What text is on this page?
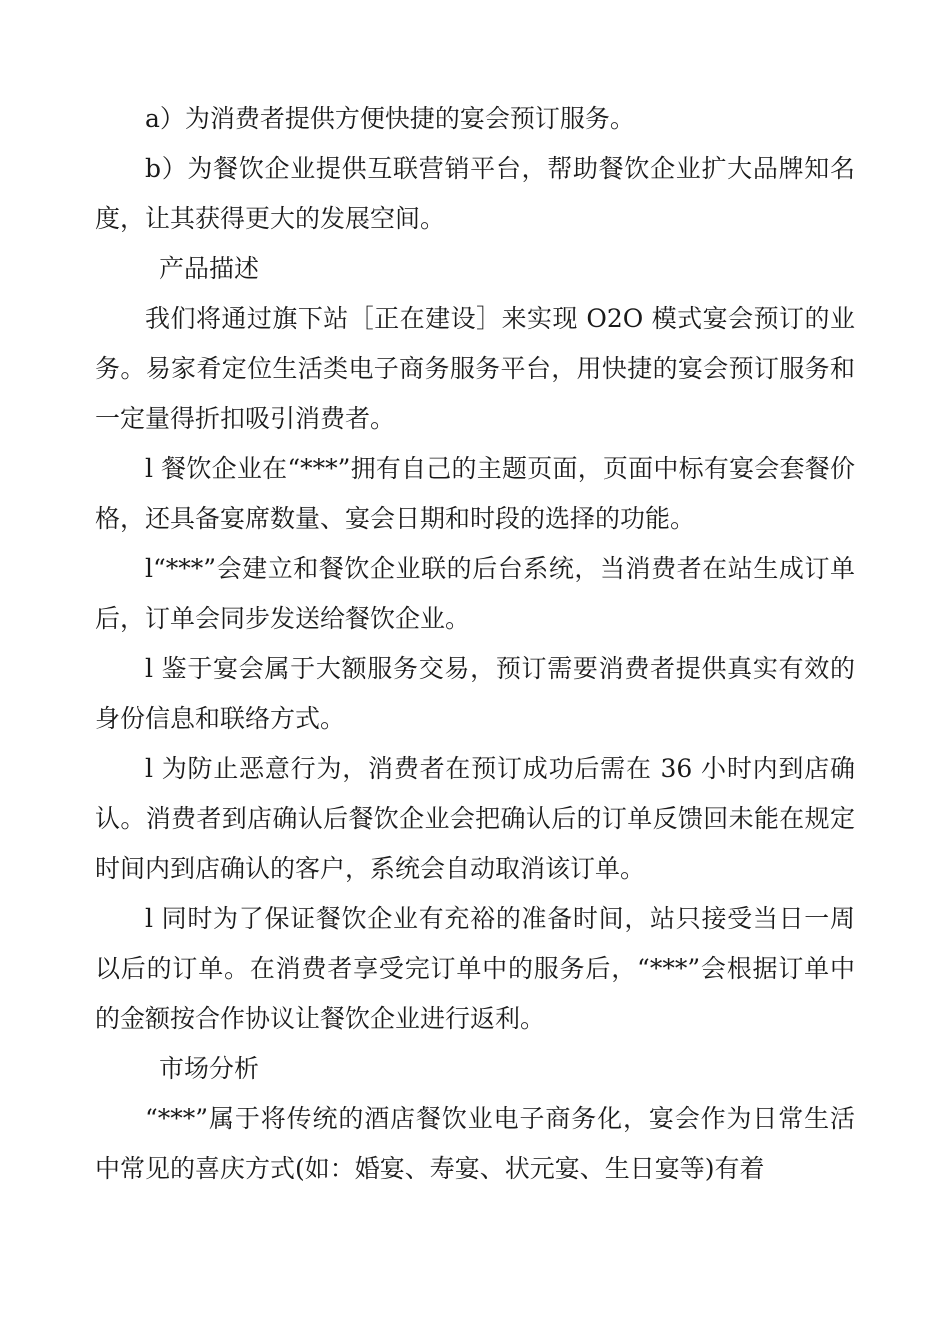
a）为消费者提供方便快捷的宴会预订服务。

b）为餐饮企业提供互联营销平台，帮助餐饮企业扩大品牌知名度，让其获得更大的发展空间。

产品描述

我们将通过旗下站［正在建设］来实现 O2O 模式宴会预订的业务。易家肴定位生活类电子商务服务平台，用快捷的宴会预订服务和一定量得折扣吸引消费者。

l 餐饮企业在“***”拥有自己的主题页面，页面中标有宴会套餐价格，还具备宴席数量、宴会日期和时段的选择的功能。

l“***”会建立和餐饮企业联的后台系统，当消费者在站生成订单后，订单会同步发送给餐饮企业。

l 鉴于宴会属于大额服务交易，预订需要消费者提供真实有效的身份信息和联络方式。

l 为防止恶意行为，消费者在预订成功后需在 36 小时内到店确认。消费者到店确认后餐饮企业会把确认后的订单反馈回未能在规定时间内到店确认的客户，系统会自动取消该订单。

l 同时为了保证餐饮企业有充裕的准备时间，站只接受当日一周以后的订单。在消费者享受完订单中的服务后，“***”会根据订单中的金额按合作协议让餐饮企业进行返利。

市场分析

“***”属于将传统的酒店餐饮业电子商务化，宴会作为日常生活中常见的喜庆方式(如：婚宴、寿宴、状元宴、生日宴等)有着
